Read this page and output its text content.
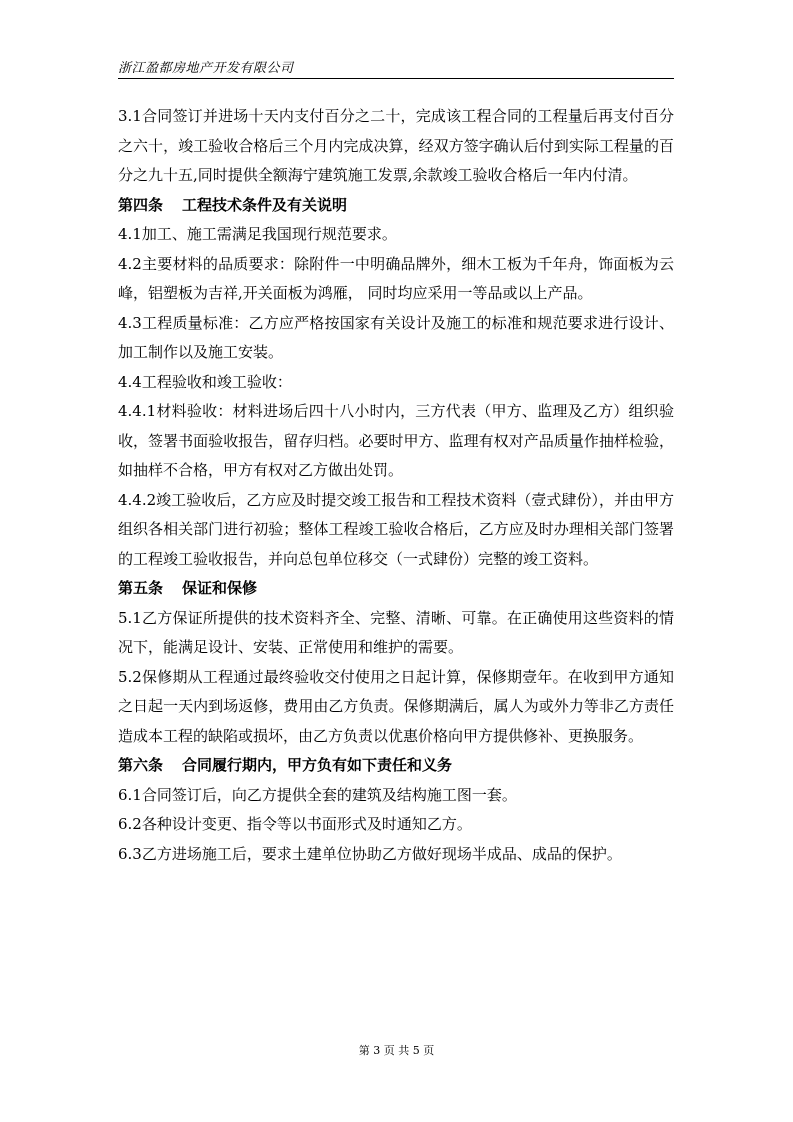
浙江盈都房地产开发有限公司

3.1合同签订并进场十天内支付百分之二十，完成该工程合同的工程量后再支付百分之六十，竣工验收合格后三个月内完成决算，经双方签字确认后付到实际工程量的百分之九十五,同时提供全额海宁建筑施工发票,余款竣工验收合格后一年内付清。

第四条 工程技术条件及有关说明

4.1加工、施工需满足我国现行规范要求。

4.2主要材料的品质要求：除附件一中明确品牌外，细木工板为千年舟，饰面板为云峰，铝塑板为吉祥,开关面板为鸿雁， 同时均应采用一等品或以上产品。

4.3工程质量标准：乙方应严格按国家有关设计及施工的标准和规范要求进行设计、加工制作以及施工安装。

4.4工程验收和竣工验收：

4.4.1材料验收：材料进场后四十八小时内，三方代表（甲方、监理及乙方）组织验收，签署书面验收报告，留存归档。必要时甲方、监理有权对产品质量作抽样检验，如抽样不合格，甲方有权对乙方做出处罚。

4.4.2竣工验收后，乙方应及时提交竣工报告和工程技术资料（壹式肆份），并由甲方组织各相关部门进行初验；整体工程竣工验收合格后，乙方应及时办理相关部门签署的工程竣工验收报告，并向总包单位移交（一式肆份）完整的竣工资料。

第五条 保证和保修

5.1乙方保证所提供的技术资料齐全、完整、清晰、可靠。在正确使用这些资料的情况下，能满足设计、安装、正常使用和维护的需要。

5.2保修期从工程通过最终验收交付使用之日起计算，保修期壹年。在收到甲方通知之日起一天内到场返修，费用由乙方负责。保修期满后，属人为或外力等非乙方责任造成本工程的缺陷或损坏，由乙方负责以优惠价格向甲方提供修补、更换服务。

第六条 合同履行期内，甲方负有如下责任和义务

6.1合同签订后，向乙方提供全套的建筑及结构施工图一套。

6.2各种设计变更、指令等以书面形式及时通知乙方。

6.3乙方进场施工后，要求土建单位协助乙方做好现场半成品、成品的保护。

第 3 页 共 5 页
